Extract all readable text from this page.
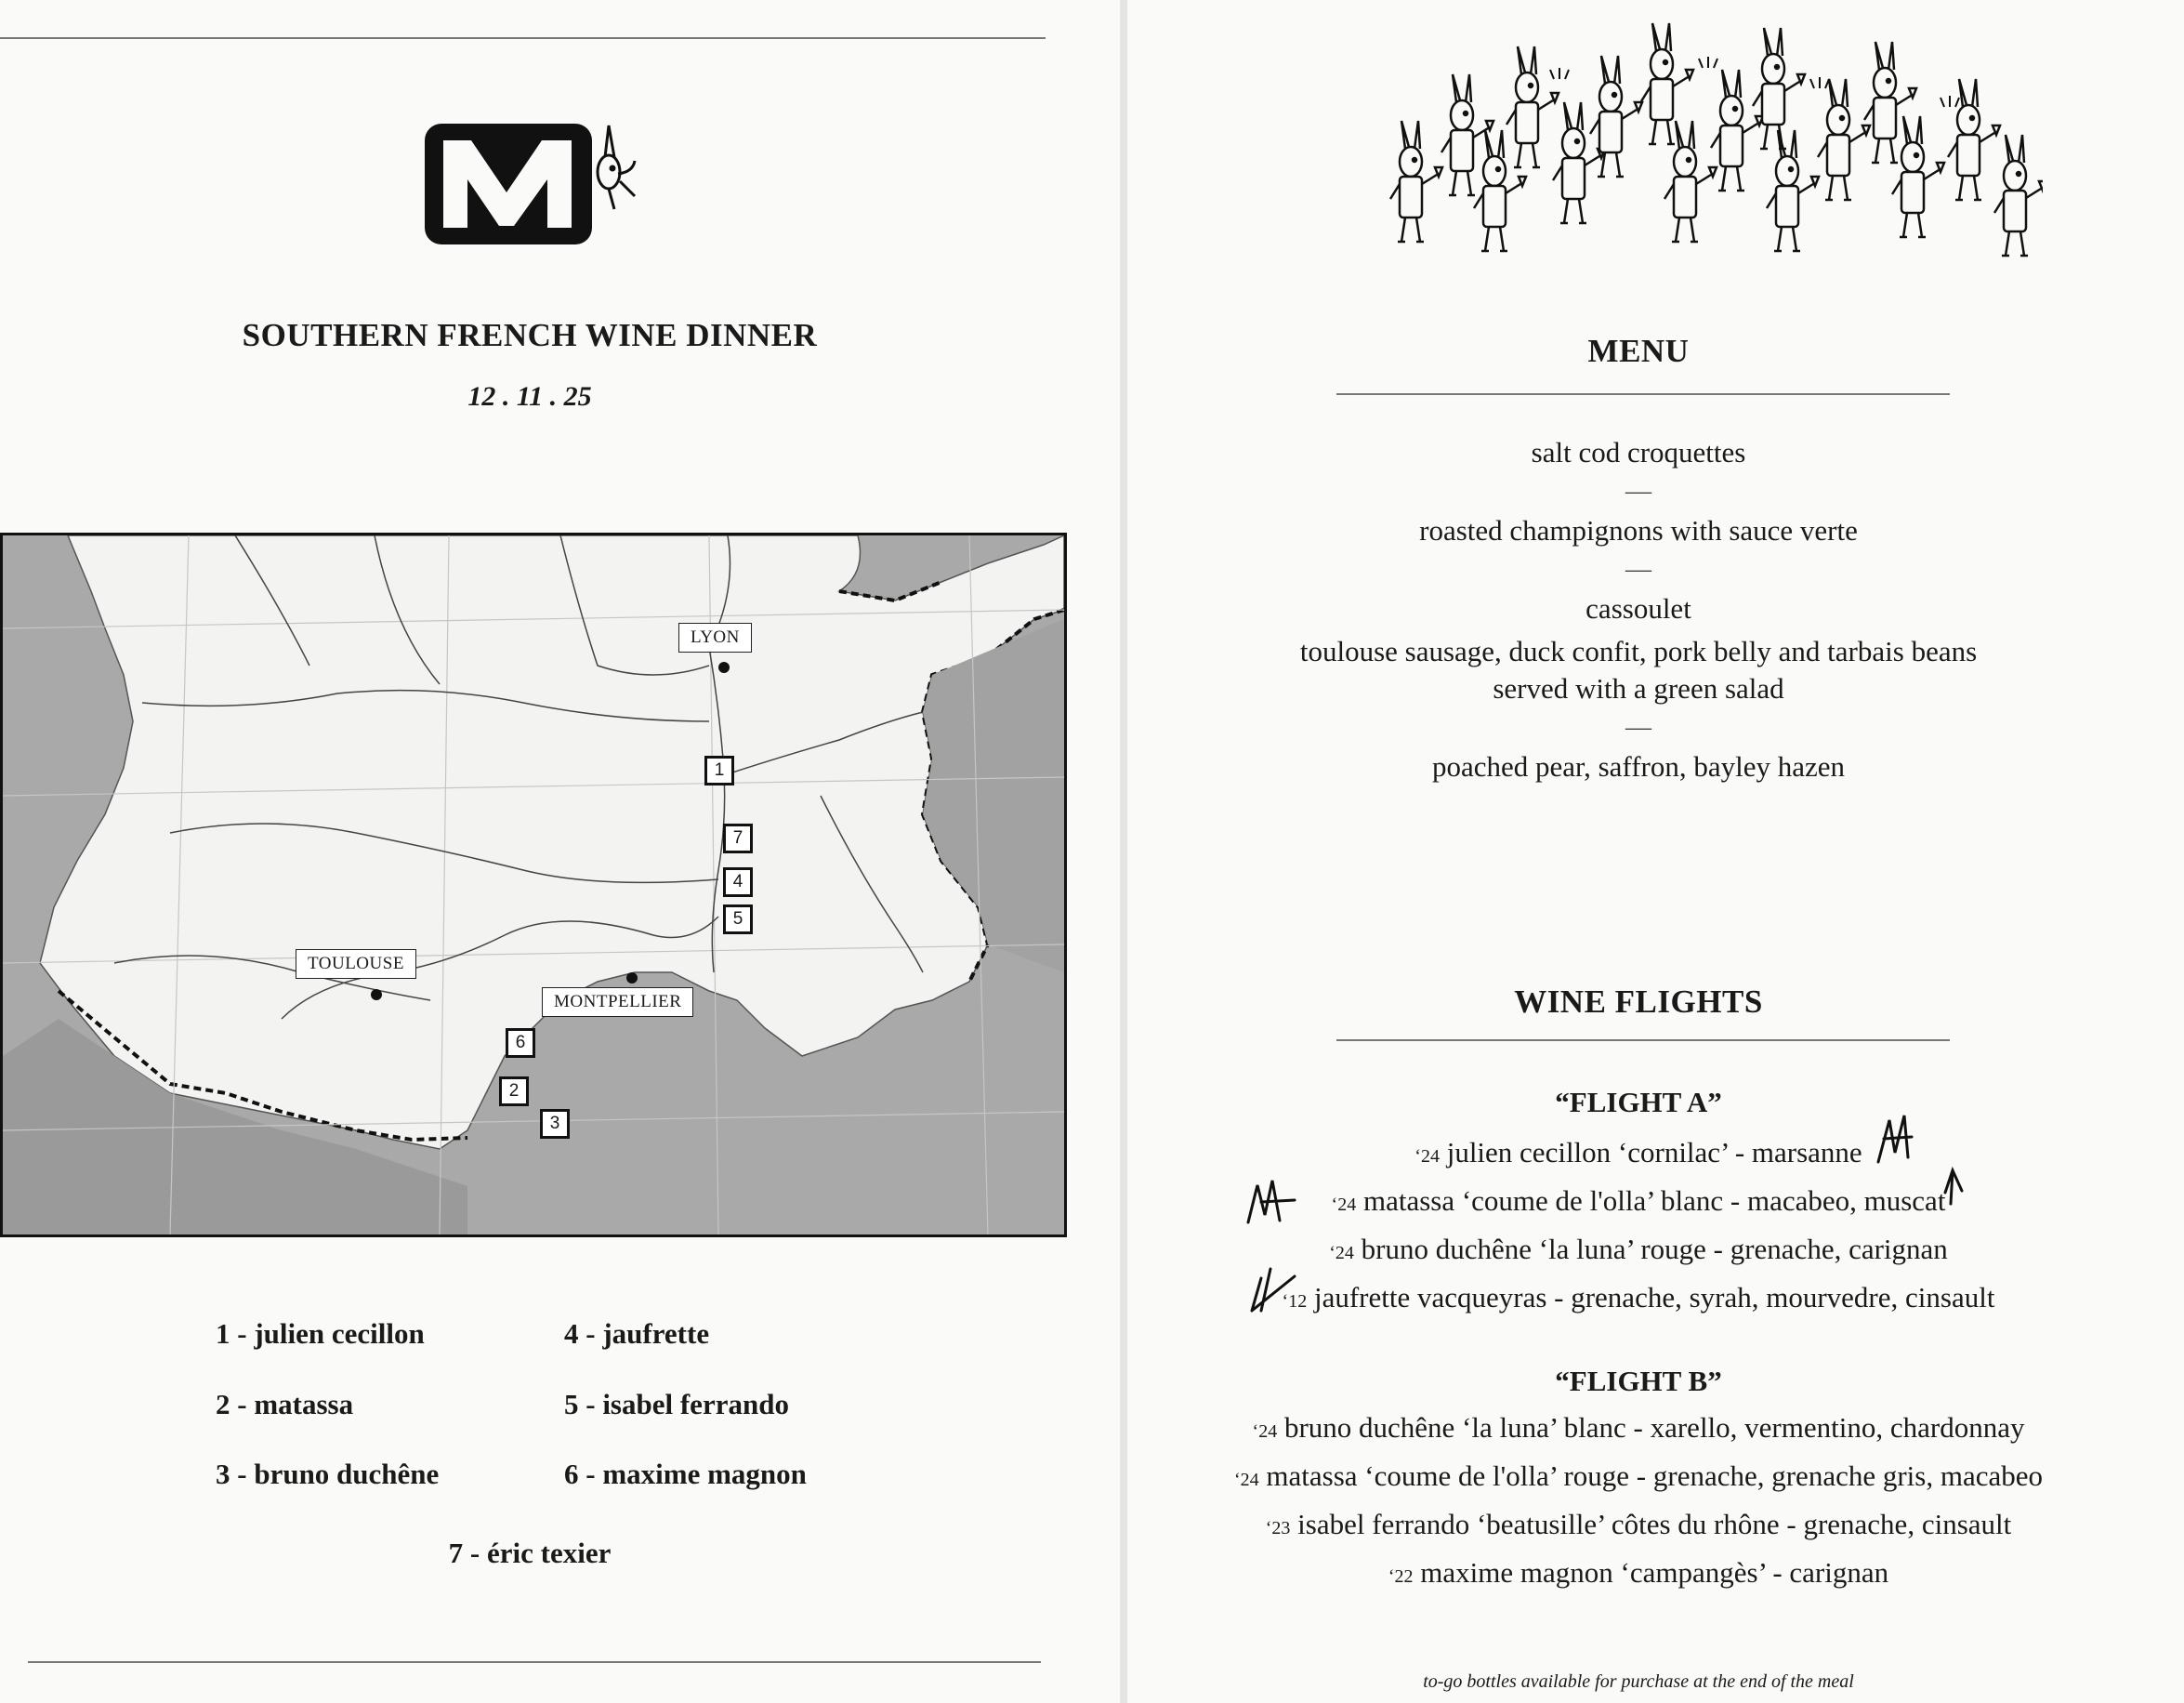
SOUTHERN FRENCH WINE DINNER
12 . 11 . 25
LYON
TOULOUSE
MONTPELLIER
1
7
4
5
6
2
3
1 - julien cecillon	4 - jaufrette
2 - matassa	5 - isabel ferrando
3 - bruno duchêne	6 - maxime magnon
7 - éric texier
MENU
salt cod croquettes
—
roasted champignons with sauce verte
—
cassoulet
toulouse sausage, duck confit, pork belly and tarbais beans
served with a green salad
—
poached pear, saffron, bayley hazen
WINE FLIGHTS
“FLIGHT A”
‘24 julien cecillon ‘cornilac’ - marsanne
‘24 matassa ‘coume de l'olla’ blanc - macabeo, muscat
‘24 bruno duchêne ‘la luna’ rouge - grenache, carignan
‘12 jaufrette vacqueyras - grenache, syrah, mourvedre, cinsault
“FLIGHT B”
‘24 bruno duchêne ‘la luna’ blanc - xarello, vermentino, chardonnay
‘24 matassa ‘coume de l'olla’ rouge - grenache, grenache gris, macabeo
‘23 isabel ferrando ‘beatusille’ côtes du rhône - grenache, cinsault
‘22 maxime magnon ‘campangès’ - carignan
to-go bottles available for purchase at the end of the meal
